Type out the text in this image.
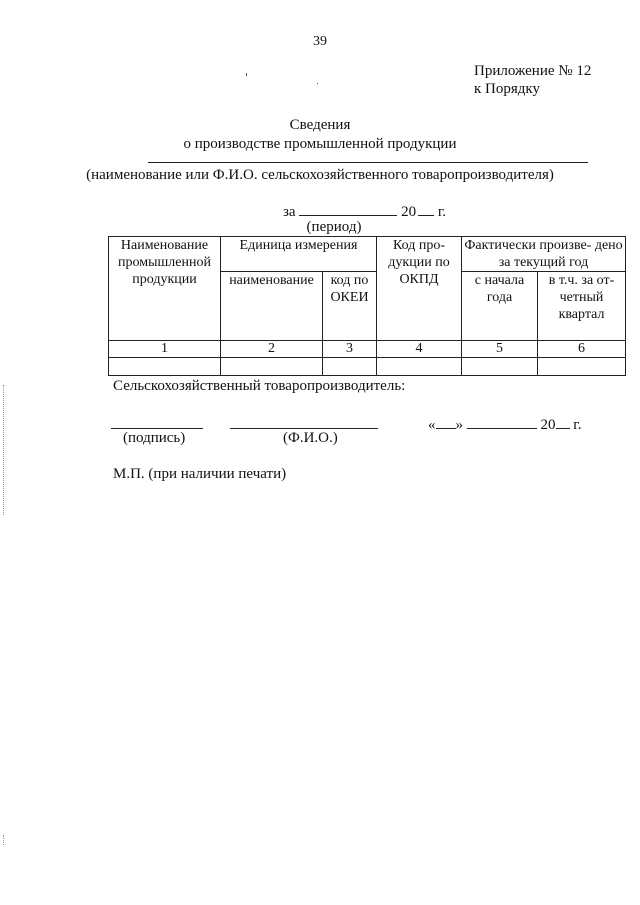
39
Приложение № 12
к Порядку
Сведения
о производстве промышленной продукции
(наименование или Ф.И.О. сельскохозяйственного товаропроизводителя)
за	20 г.
(период)
Наименование промышленной продукции	Единица измерения		Код про- дукции по ОКПД	Фактически произве- дено за текущий год	
	наименование	код по ОКЕИ		с начала года	в т.ч. за от- четный квартал
1	2	3	4	5	6

Сельскохозяйственный товаропроизводитель:
(подпись)	(Ф.И.О.)
« »	20 г.
М.П. (при наличии печати)
